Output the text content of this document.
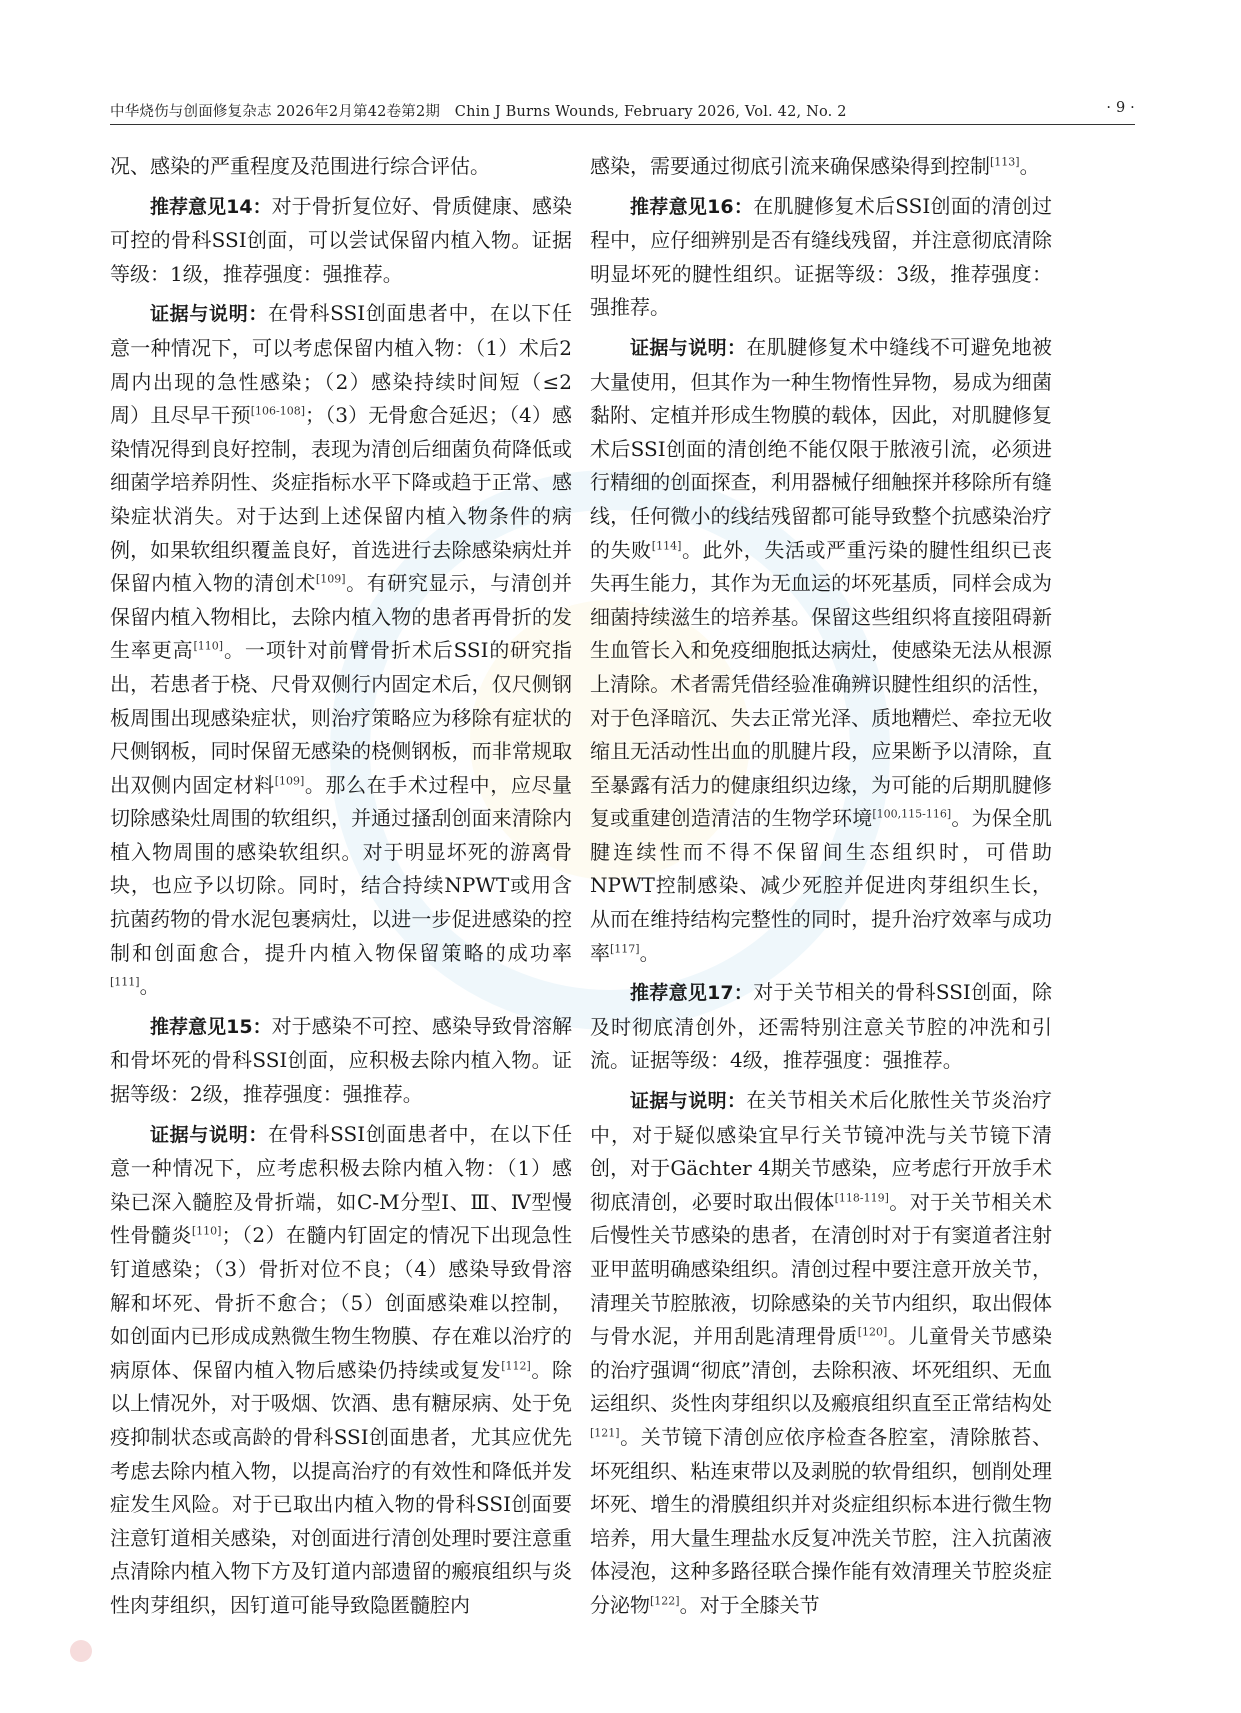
中华烧伤与创面修复杂志 2026年2月第42卷第2期　Chin J Burns Wounds, February 2026, Vol. 42, No. 2	· 9 ·

况、感染的严重程度及范围进行综合评估。

推荐意见14：对于骨折复位好、骨质健康、感染可控的骨科SSI创面，可以尝试保留内植入物。证据等级：1级，推荐强度：强推荐。

证据与说明：在骨科SSI创面患者中，在以下任意一种情况下，可以考虑保留内植入物：（1）术后2周内出现的急性感染；（2）感染持续时间短（≤2周）且尽早干预[106-108]；（3）无骨愈合延迟；（4）感染情况得到良好控制，表现为清创后细菌负荷降低或细菌学培养阴性、炎症指标水平下降或趋于正常、感染症状消失。对于达到上述保留内植入物条件的病例，如果软组织覆盖良好，首选进行去除感染病灶并保留内植入物的清创术[109]。有研究显示，与清创并保留内植入物相比，去除内植入物的患者再骨折的发生率更高[110]。一项针对前臂骨折术后SSI的研究指出，若患者于桡、尺骨双侧行内固定术后，仅尺侧钢板周围出现感染症状，则治疗策略应为移除有症状的尺侧钢板，同时保留无感染的桡侧钢板，而非常规取出双侧内固定材料[109]。那么在手术过程中，应尽量切除感染灶周围的软组织，并通过搔刮创面来清除内植入物周围的感染软组织。对于明显坏死的游离骨块，也应予以切除。同时，结合持续NPWT或用含抗菌药物的骨水泥包裹病灶，以进一步促进感染的控制和创面愈合，提升内植入物保留策略的成功率[111]。

推荐意见15：对于感染不可控、感染导致骨溶解和骨坏死的骨科SSI创面，应积极去除内植入物。证据等级：2级，推荐强度：强推荐。

证据与说明：在骨科SSI创面患者中，在以下任意一种情况下，应考虑积极去除内植入物：（1）感染已深入髓腔及骨折端，如C-M分型Ⅰ、Ⅲ、Ⅳ型慢性骨髓炎[110]；（2）在髓内钉固定的情况下出现急性钉道感染；（3）骨折对位不良；（4）感染导致骨溶解和坏死、骨折不愈合；（5）创面感染难以控制，如创面内已形成成熟微生物生物膜、存在难以治疗的病原体、保留内植入物后感染仍持续或复发[112]。除以上情况外，对于吸烟、饮酒、患有糖尿病、处于免疫抑制状态或高龄的骨科SSI创面患者，尤其应优先考虑去除内植入物，以提高治疗的有效性和降低并发症发生风险。对于已取出内植入物的骨科SSI创面要注意钉道相关感染，对创面进行清创处理时要注意重点清除内植入物下方及钉道内部遗留的瘢痕组织与炎性肉芽组织，因钉道可能导致隐匿髓腔内

感染，需要通过彻底引流来确保感染得到控制[113]。

推荐意见16：在肌腱修复术后SSI创面的清创过程中，应仔细辨别是否有缝线残留，并注意彻底清除明显坏死的腱性组织。证据等级：3级，推荐强度：强推荐。

证据与说明：在肌腱修复术中缝线不可避免地被大量使用，但其作为一种生物惰性异物，易成为细菌黏附、定植并形成生物膜的载体，因此，对肌腱修复术后SSI创面的清创绝不能仅限于脓液引流，必须进行精细的创面探查，利用器械仔细触探并移除所有缝线，任何微小的线结残留都可能导致整个抗感染治疗的失败[114]。此外，失活或严重污染的腱性组织已丧失再生能力，其作为无血运的坏死基质，同样会成为细菌持续滋生的培养基。保留这些组织将直接阻碍新生血管长入和免疫细胞抵达病灶，使感染无法从根源上清除。术者需凭借经验准确辨识腱性组织的活性，对于色泽暗沉、失去正常光泽、质地糟烂、牵拉无收缩且无活动性出血的肌腱片段，应果断予以清除，直至暴露有活力的健康组织边缘，为可能的后期肌腱修复或重建创造清洁的生物学环境[100,115-116]。为保全肌腱连续性而不得不保留间生态组织时，可借助NPWT控制感染、减少死腔并促进肉芽组织生长，从而在维持结构完整性的同时，提升治疗效率与成功率[117]。

推荐意见17：对于关节相关的骨科SSI创面，除及时彻底清创外，还需特别注意关节腔的冲洗和引流。证据等级：4级，推荐强度：强推荐。

证据与说明：在关节相关术后化脓性关节炎治疗中，对于疑似感染宜早行关节镜冲洗与关节镜下清创，对于Gächter 4期关节感染，应考虑行开放手术彻底清创，必要时取出假体[118-119]。对于关节相关术后慢性关节感染的患者，在清创时对于有窦道者注射亚甲蓝明确感染组织。清创过程中要注意开放关节，清理关节腔脓液，切除感染的关节内组织，取出假体与骨水泥，并用刮匙清理骨质[120]。儿童骨关节感染的治疗强调“彻底”清创，去除积液、坏死组织、无血运组织、炎性肉芽组织以及瘢痕组织直至正常结构处[121]。关节镜下清创应依序检查各腔室，清除脓苔、坏死组织、粘连束带以及剥脱的软骨组织，刨削处理坏死、增生的滑膜组织并对炎症组织标本进行微生物培养，用大量生理盐水反复冲洗关节腔，注入抗菌液体浸泡，这种多路径联合操作能有效清理关节腔炎症分泌物[122]。对于全膝关节
